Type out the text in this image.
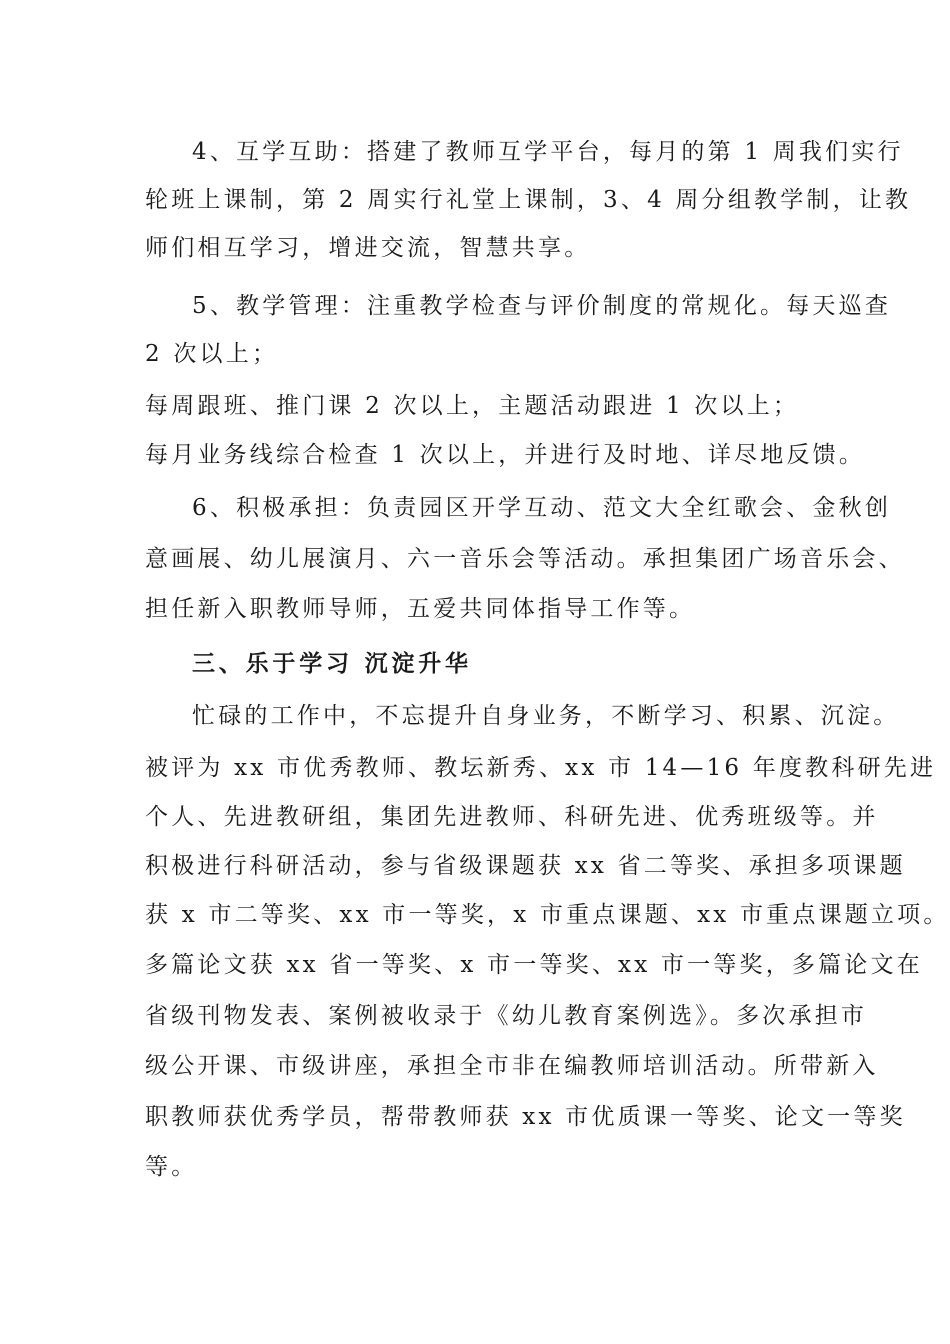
4、互学互助：搭建了教师互学平台，每月的第 1 周我们实行
轮班上课制，第 2 周实行礼堂上课制，3、4 周分组教学制，让教
师们相互学习，增进交流，智慧共享。
5、教学管理：注重教学检查与评价制度的常规化。每天巡查
2 次以上；
每周跟班、推门课 2 次以上，主题活动跟进 1 次以上；
每月业务线综合检查 1 次以上，并进行及时地、详尽地反馈。
6、积极承担：负责园区开学互动、范文大全红歌会、金秋创
意画展、幼儿展演月、六一音乐会等活动。承担集团广场音乐会、
担任新入职教师导师，五爱共同体指导工作等。
三、乐于学习 沉淀升华
忙碌的工作中，不忘提升自身业务，不断学习、积累、沉淀。
被评为 xx 市优秀教师、教坛新秀、xx 市 14—16 年度教科研先进
个人、先进教研组，集团先进教师、科研先进、优秀班级等。并
积极进行科研活动，参与省级课题获 xx 省二等奖、承担多项课题
获 x 市二等奖、xx 市一等奖，x 市重点课题、xx 市重点课题立项。
多篇论文获 xx 省一等奖、x 市一等奖、xx 市一等奖，多篇论文在
省级刊物发表、案例被收录于《幼儿教育案例选》。多次承担市
级公开课、市级讲座，承担全市非在编教师培训活动。所带新入
职教师获优秀学员，帮带教师获 xx 市优质课一等奖、论文一等奖
等。
